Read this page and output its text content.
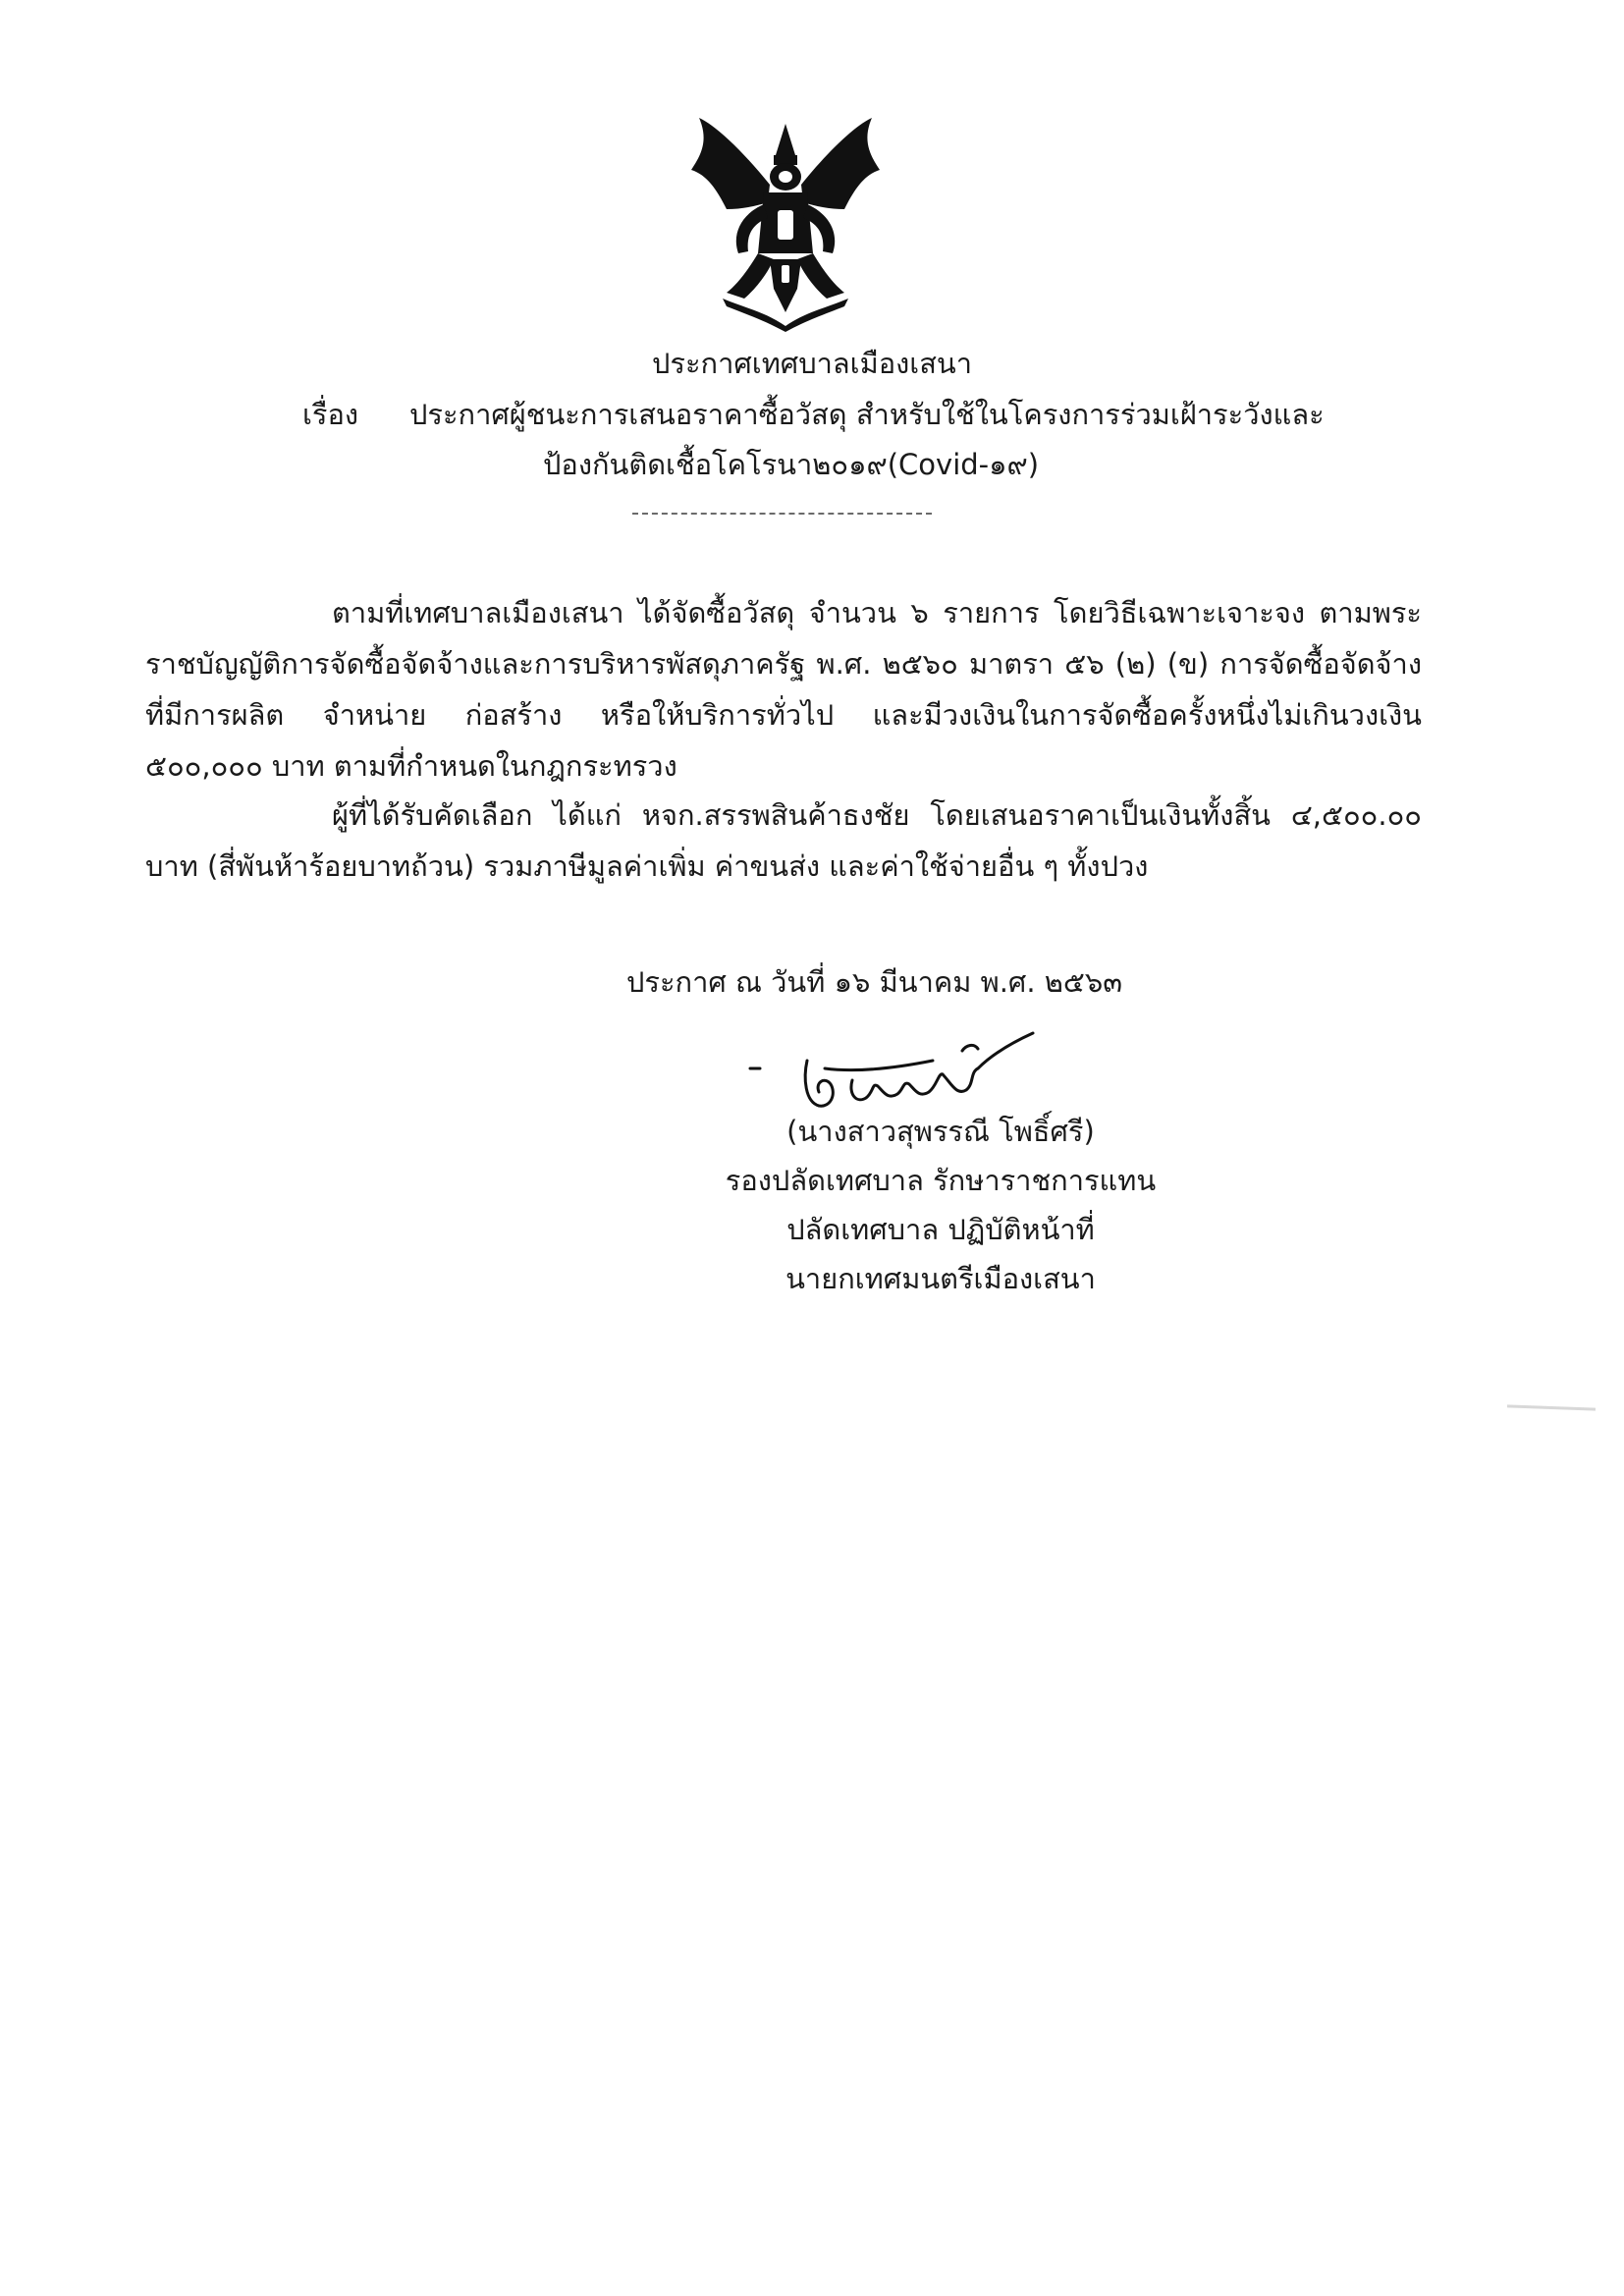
ประกาศเทศบาลเมืองเสนา
เรื่อง ประกาศผู้ชนะการเสนอราคาซื้อวัสดุ สำหรับใช้ในโครงการร่วมเฝ้าระวังและ
ป้องกันติดเชื้อโคโรนา๒๐๑๙(Covid-๑๙)
ตามที่เทศบาลเมืองเสนา ได้จัดซื้อวัสดุ จำนวน ๖ รายการ โดยวิธีเฉพาะเจาะจง ตามพระราชบัญญัติการจัดซื้อจัดจ้างและการบริหารพัสดุภาครัฐ พ.ศ. ๒๕๖๐ มาตรา ๕๖ (๒) (ข) การจัดซื้อจัดจ้างที่มีการผลิต จำหน่าย ก่อสร้าง หรือให้บริการทั่วไป และมีวงเงินในการจัดซื้อครั้งหนึ่งไม่เกินวงเงิน ๕๐๐,๐๐๐ บาท ตามที่กำหนดในกฎกระทรวง
ผู้ที่ได้รับคัดเลือก ได้แก่ หจก.สรรพสินค้าธงชัย โดยเสนอราคาเป็นเงินทั้งสิ้น ๔,๕๐๐.๐๐ บาท (สี่พันห้าร้อยบาทถ้วน) รวมภาษีมูลค่าเพิ่ม ค่าขนส่ง และค่าใช้จ่ายอื่น ๆ ทั้งปวง
ประกาศ ณ วันที่ ๑๖ มีนาคม พ.ศ. ๒๕๖๓
(นางสาวสุพรรณี โพธิ์ศรี)
รองปลัดเทศบาล รักษาราชการแทน
ปลัดเทศบาล ปฏิบัติหน้าที่
นายกเทศมนตรีเมืองเสนา
